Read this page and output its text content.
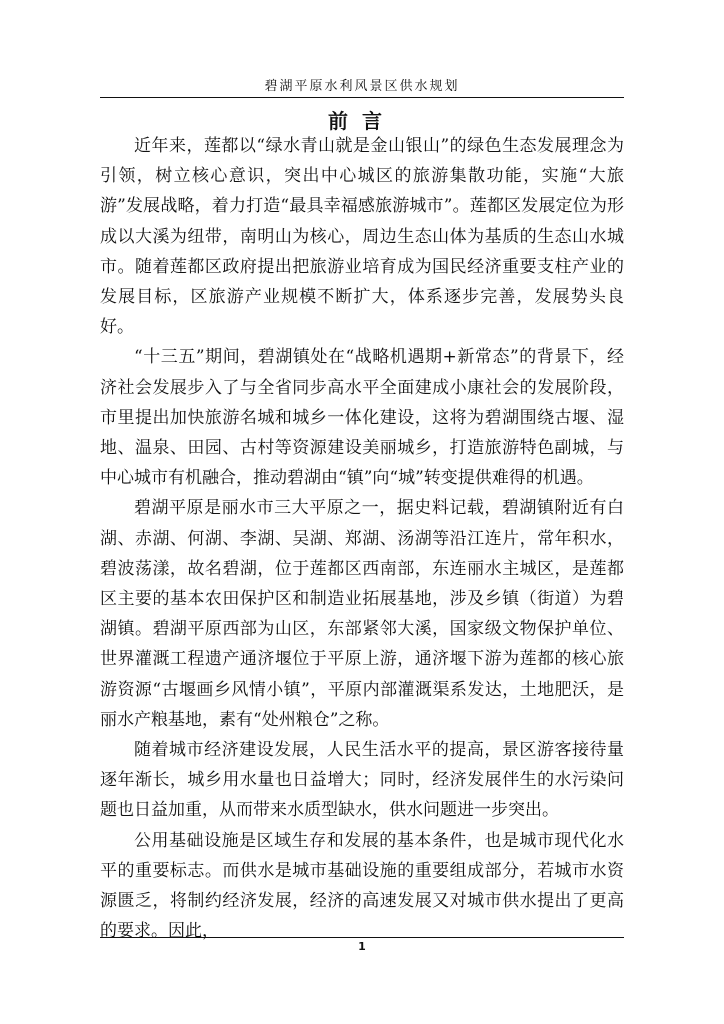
碧湖平原水利风景区供水规划
前言

近年来，莲都以“绿水青山就是金山银山”的绿色生态发展理念为引领，树立核心意识，突出中心城区的旅游集散功能，实施“大旅游”发展战略，着力打造“最具幸福感旅游城市”。莲都区发展定位为形成以大溪为纽带，南明山为核心，周边生态山体为基质的生态山水城市。随着莲都区政府提出把旅游业培育成为国民经济重要支柱产业的发展目标，区旅游产业规模不断扩大，体系逐步完善，发展势头良好。

“十三五”期间，碧湖镇处在“战略机遇期+新常态”的背景下，经济社会发展步入了与全省同步高水平全面建成小康社会的发展阶段，市里提出加快旅游名城和城乡一体化建设，这将为碧湖围绕古堰、湿地、温泉、田园、古村等资源建设美丽城乡，打造旅游特色副城，与中心城市有机融合，推动碧湖由“镇”向“城”转变提供难得的机遇。

碧湖平原是丽水市三大平原之一，据史料记载，碧湖镇附近有白湖、赤湖、何湖、李湖、吴湖、郑湖、汤湖等沿江连片，常年积水，碧波荡漾，故名碧湖，位于莲都区西南部，东连丽水主城区，是莲都区主要的基本农田保护区和制造业拓展基地，涉及乡镇（街道）为碧湖镇。碧湖平原西部为山区，东部紧邻大溪，国家级文物保护单位、世界灌溉工程遗产通济堰位于平原上游，通济堰下游为莲都的核心旅游资源“古堰画乡风情小镇”，平原内部灌溉渠系发达，土地肥沃，是丽水产粮基地，素有“处州粮仓”之称。

随着城市经济建设发展，人民生活水平的提高，景区游客接待量逐年渐长，城乡用水量也日益增大；同时，经济发展伴生的水污染问题也日益加重，从而带来水质型缺水，供水问题进一步突出。

公用基础设施是区域生存和发展的基本条件，也是城市现代化水平的重要标志。而供水是城市基础设施的重要组成部分，若城市水资源匮乏，将制约经济发展，经济的高速发展又对城市供水提出了更高的要求。因此，

1
